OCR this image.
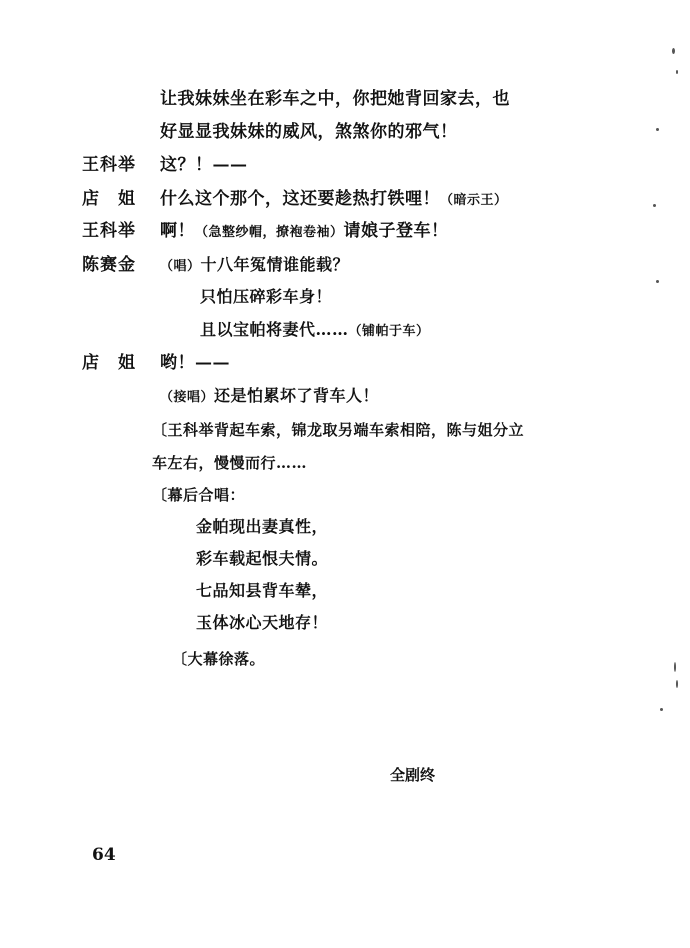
让我妹妹坐在彩车之中，你把她背回家去，也
好显显我妹妹的威风，煞煞你的邪气！
王科举 这？！——
店　姐 什么这个那个，这还要趁热打铁哩！（暗示王）
王科举 啊！（急整纱帽，撩袍卷袖）请娘子登车！
陈赛金 （唱）十八年冤情谁能载？
只怕压碎彩车身！
且以宝帕将妻代……（铺帕于车）
店　姐 哟！——
（接唱）还是怕累坏了背车人！
〔王科举背起车索，锦龙取另端车索相陪，陈与姐分立
车左右，慢慢而行……
〔幕后合唱：
金帕现出妻真性，
彩车载起恨夫情。
七品知县背车辇，
玉体冰心天地存！
〔大幕徐落。
全剧终
64
